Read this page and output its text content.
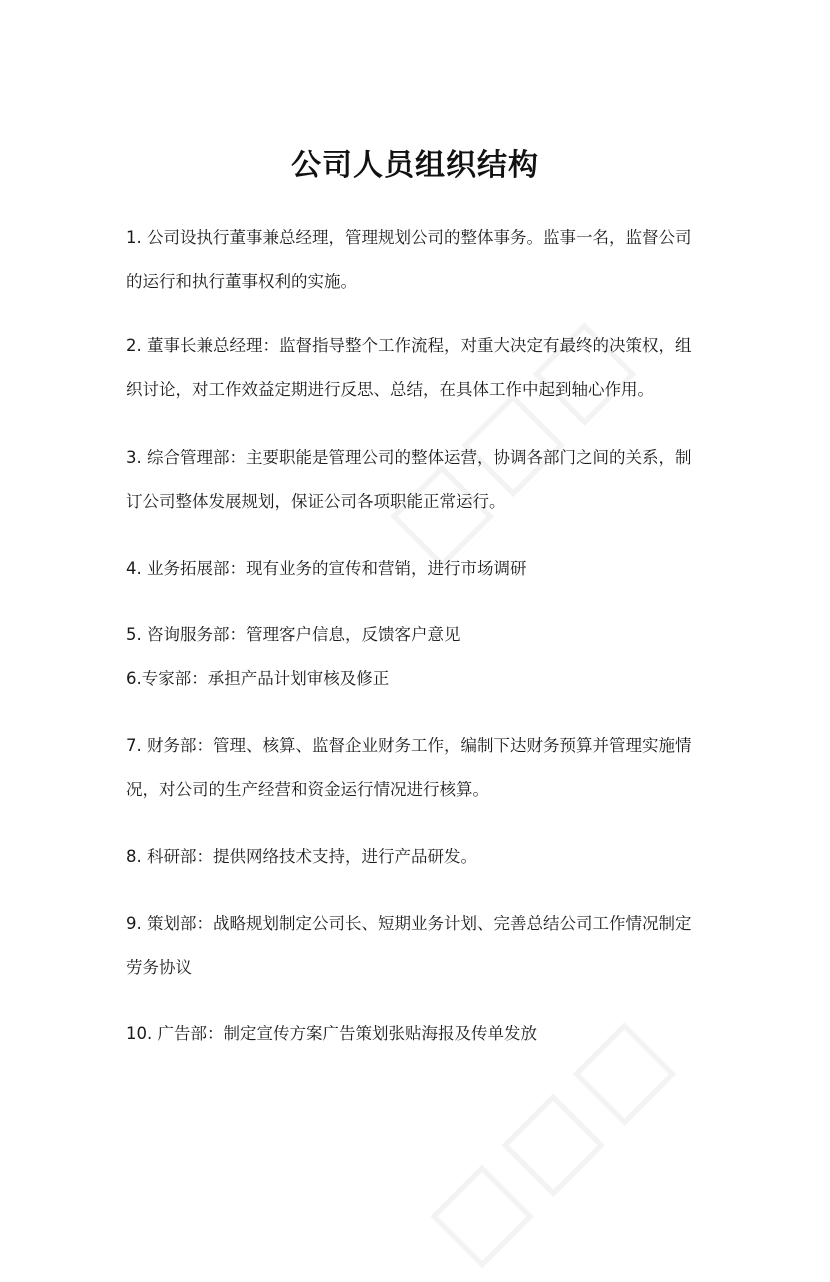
公司人员组织结构
1. 公司设执行董事兼总经理，管理规划公司的整体事务。监事一名，监督公司
的运行和执行董事权利的实施。
2. 董事长兼总经理：监督指导整个工作流程，对重大决定有最终的决策权，组
织讨论，对工作效益定期进行反思、总结，在具体工作中起到轴心作用。
3. 综合管理部：主要职能是管理公司的整体运营，协调各部门之间的关系，制
订公司整体发展规划，保证公司各项职能正常运行。
4. 业务拓展部：现有业务的宣传和营销，进行市场调研
5. 咨询服务部：管理客户信息，反馈客户意见
6.专家部：承担产品计划审核及修正
7. 财务部：管理、核算、监督企业财务工作，编制下达财务预算并管理实施情
况，对公司的生产经营和资金运行情况进行核算。
8. 科研部：提供网络技术支持，进行产品研发。
9. 策划部：战略规划制定公司长、短期业务计划、完善总结公司工作情况制定
劳务协议
10. 广告部：制定宣传方案广告策划张贴海报及传单发放
